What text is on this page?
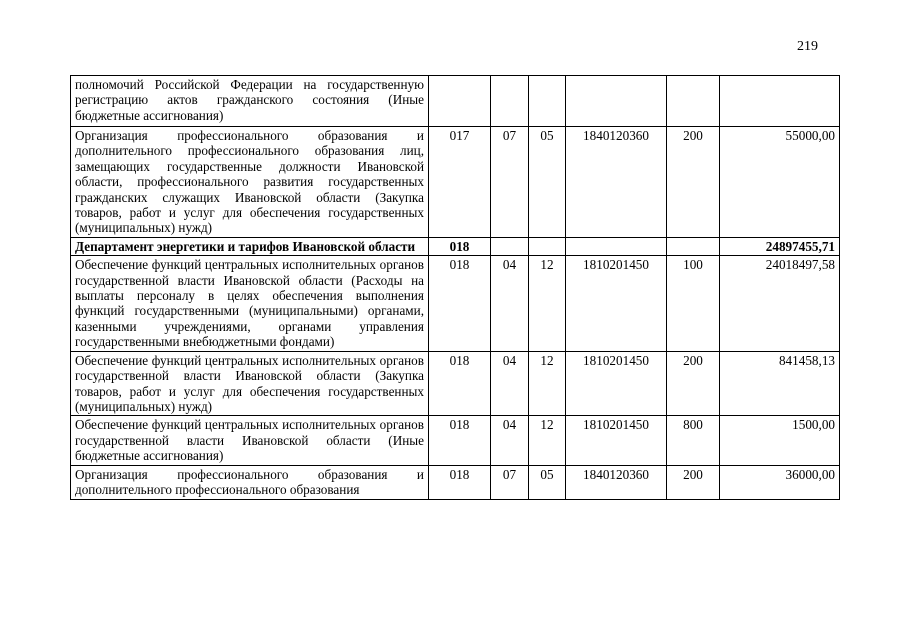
219
полномочий Российской Федерации на государственную регистрацию актов гражданского состояния (Иные бюджетные ассигнования)						
Организация профессионального образования и дополнительного профессионального образования лиц, замещающих государственные должности Ивановской области, профессионального развития государственных гражданских служащих Ивановской области (Закупка товаров, работ и услуг для обеспечения государственных (муниципальных) нужд)	017	07	05	1840120360	200	55000,00
Департамент энергетики и тарифов Ивановской области	018					24897455,71
Обеспечение функций центральных исполнительных органов государственной власти Ивановской области (Расходы на выплаты персоналу в целях обеспечения выполнения функций государственными (муниципальными) органами, казенными учреждениями, органами управления государственными внебюджетными фондами)	018	04	12	1810201450	100	24018497,58
Обеспечение функций центральных исполнительных органов государственной власти Ивановской области (Закупка товаров, работ и услуг для обеспечения государственных (муниципальных) нужд)	018	04	12	1810201450	200	841458,13
Обеспечение функций центральных исполнительных органов государственной власти Ивановской области (Иные бюджетные ассигнования)	018	04	12	1810201450	800	1500,00
Организация профессионального образования и дополнительного профессионального образования	018	07	05	1840120360	200	36000,00
